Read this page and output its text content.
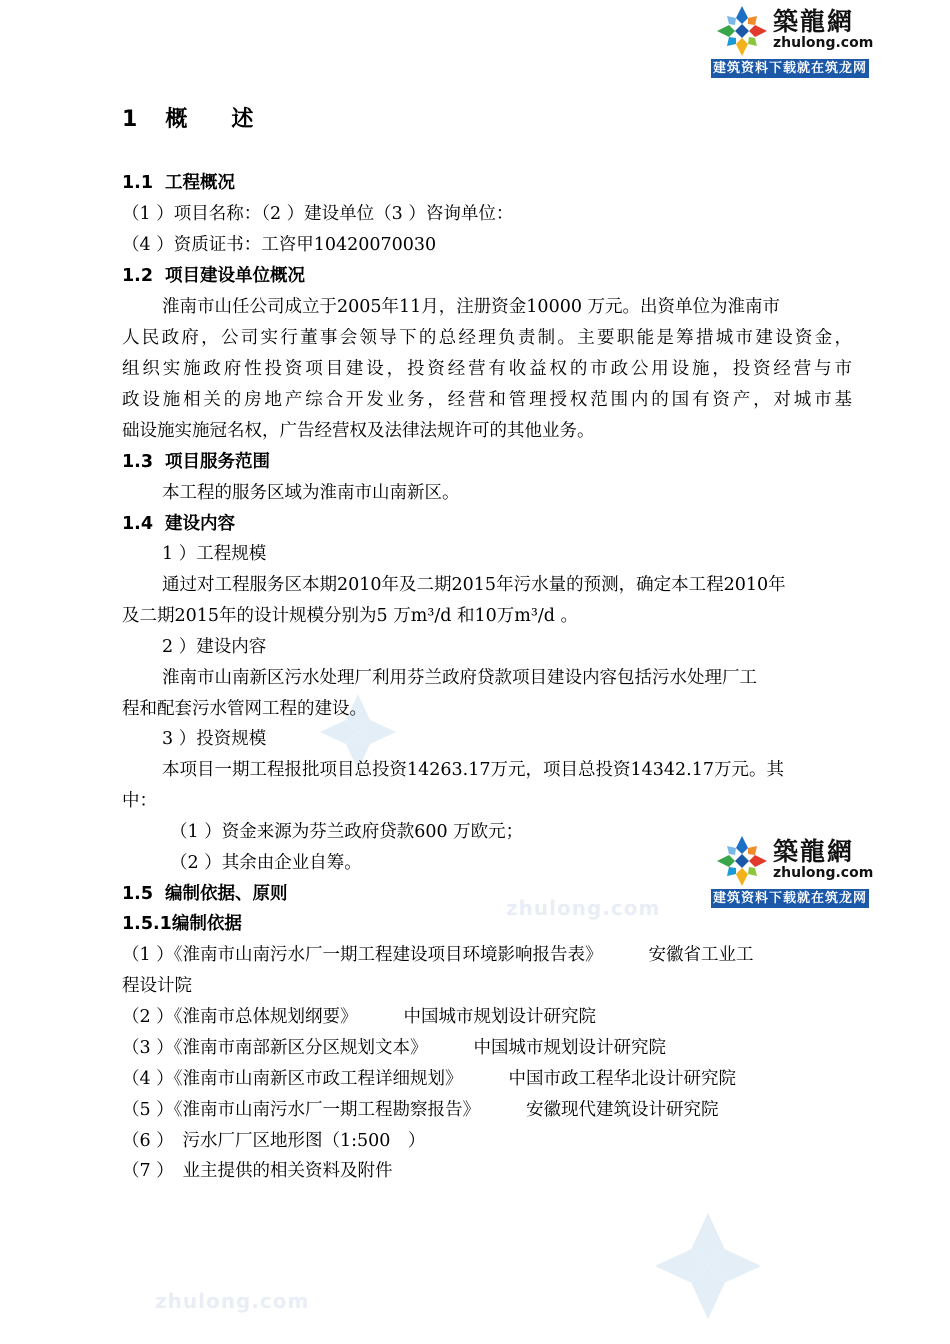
築龍網
zhulong.com
建筑资料下载就在筑龙网
築龍網
zhulong.com
建筑资料下载就在筑龙网
zhulong.com
zhulong.com
1 概　　述
1.1 工程概况
（1 ）项目名称：（2 ）建设单位（3 ）咨询单位：
（4 ）资质证书：工咨甲10420070030
1.2 项目建设单位概况
淮南市山任公司成立于2005年11月，注册资金10000 万元。出资单位为淮南市
人民政府，公司实行董事会领导下的总经理负责制。主要职能是筹措城市建设资金，
组织实施政府性投资项目建设，投资经营有收益权的市政公用设施，投资经营与市
政设施相关的房地产综合开发业务，经营和管理授权范围内的国有资产，对城市基
础设施实施冠名权，广告经营权及法律法规许可的其他业务。
1.3 项目服务范围
本工程的服务区域为淮南市山南新区。
1.4 建设内容
1 ）工程规模
通过对工程服务区本期2010年及二期2015年污水量的预测，确定本工程2010年
及二期2015年的设计规模分别为5 万m³/d 和10万m³/d 。
2 ）建设内容
淮南市山南新区污水处理厂利用芬兰政府贷款项目建设内容包括污水处理厂工
程和配套污水管网工程的建设。
3 ）投资规模
本项目一期工程报批项目总投资14263.17万元，项目总投资14342.17万元。其
中：
（1 ）资金来源为芬兰政府贷款600 万欧元；
（2 ）其余由企业自筹。
1.5 编制依据、原则
1.5.1编制依据
（1 ）《淮南市山南污水厂一期工程建设项目环境影响报告表》	安徽省工业工
程设计院
（2 ）《淮南市总体规划纲要》	中国城市规划设计研究院
（3 ）《淮南市南部新区分区规划文本》	中国城市规划设计研究院
（4 ）《淮南市山南新区市政工程详细规划》	中国市政工程华北设计研究院
（5 ）《淮南市山南污水厂一期工程勘察报告》	安徽现代建筑设计研究院
（6 ）　污水厂厂区地形图（1:500　）
（7 ）　业主提供的相关资料及附件
